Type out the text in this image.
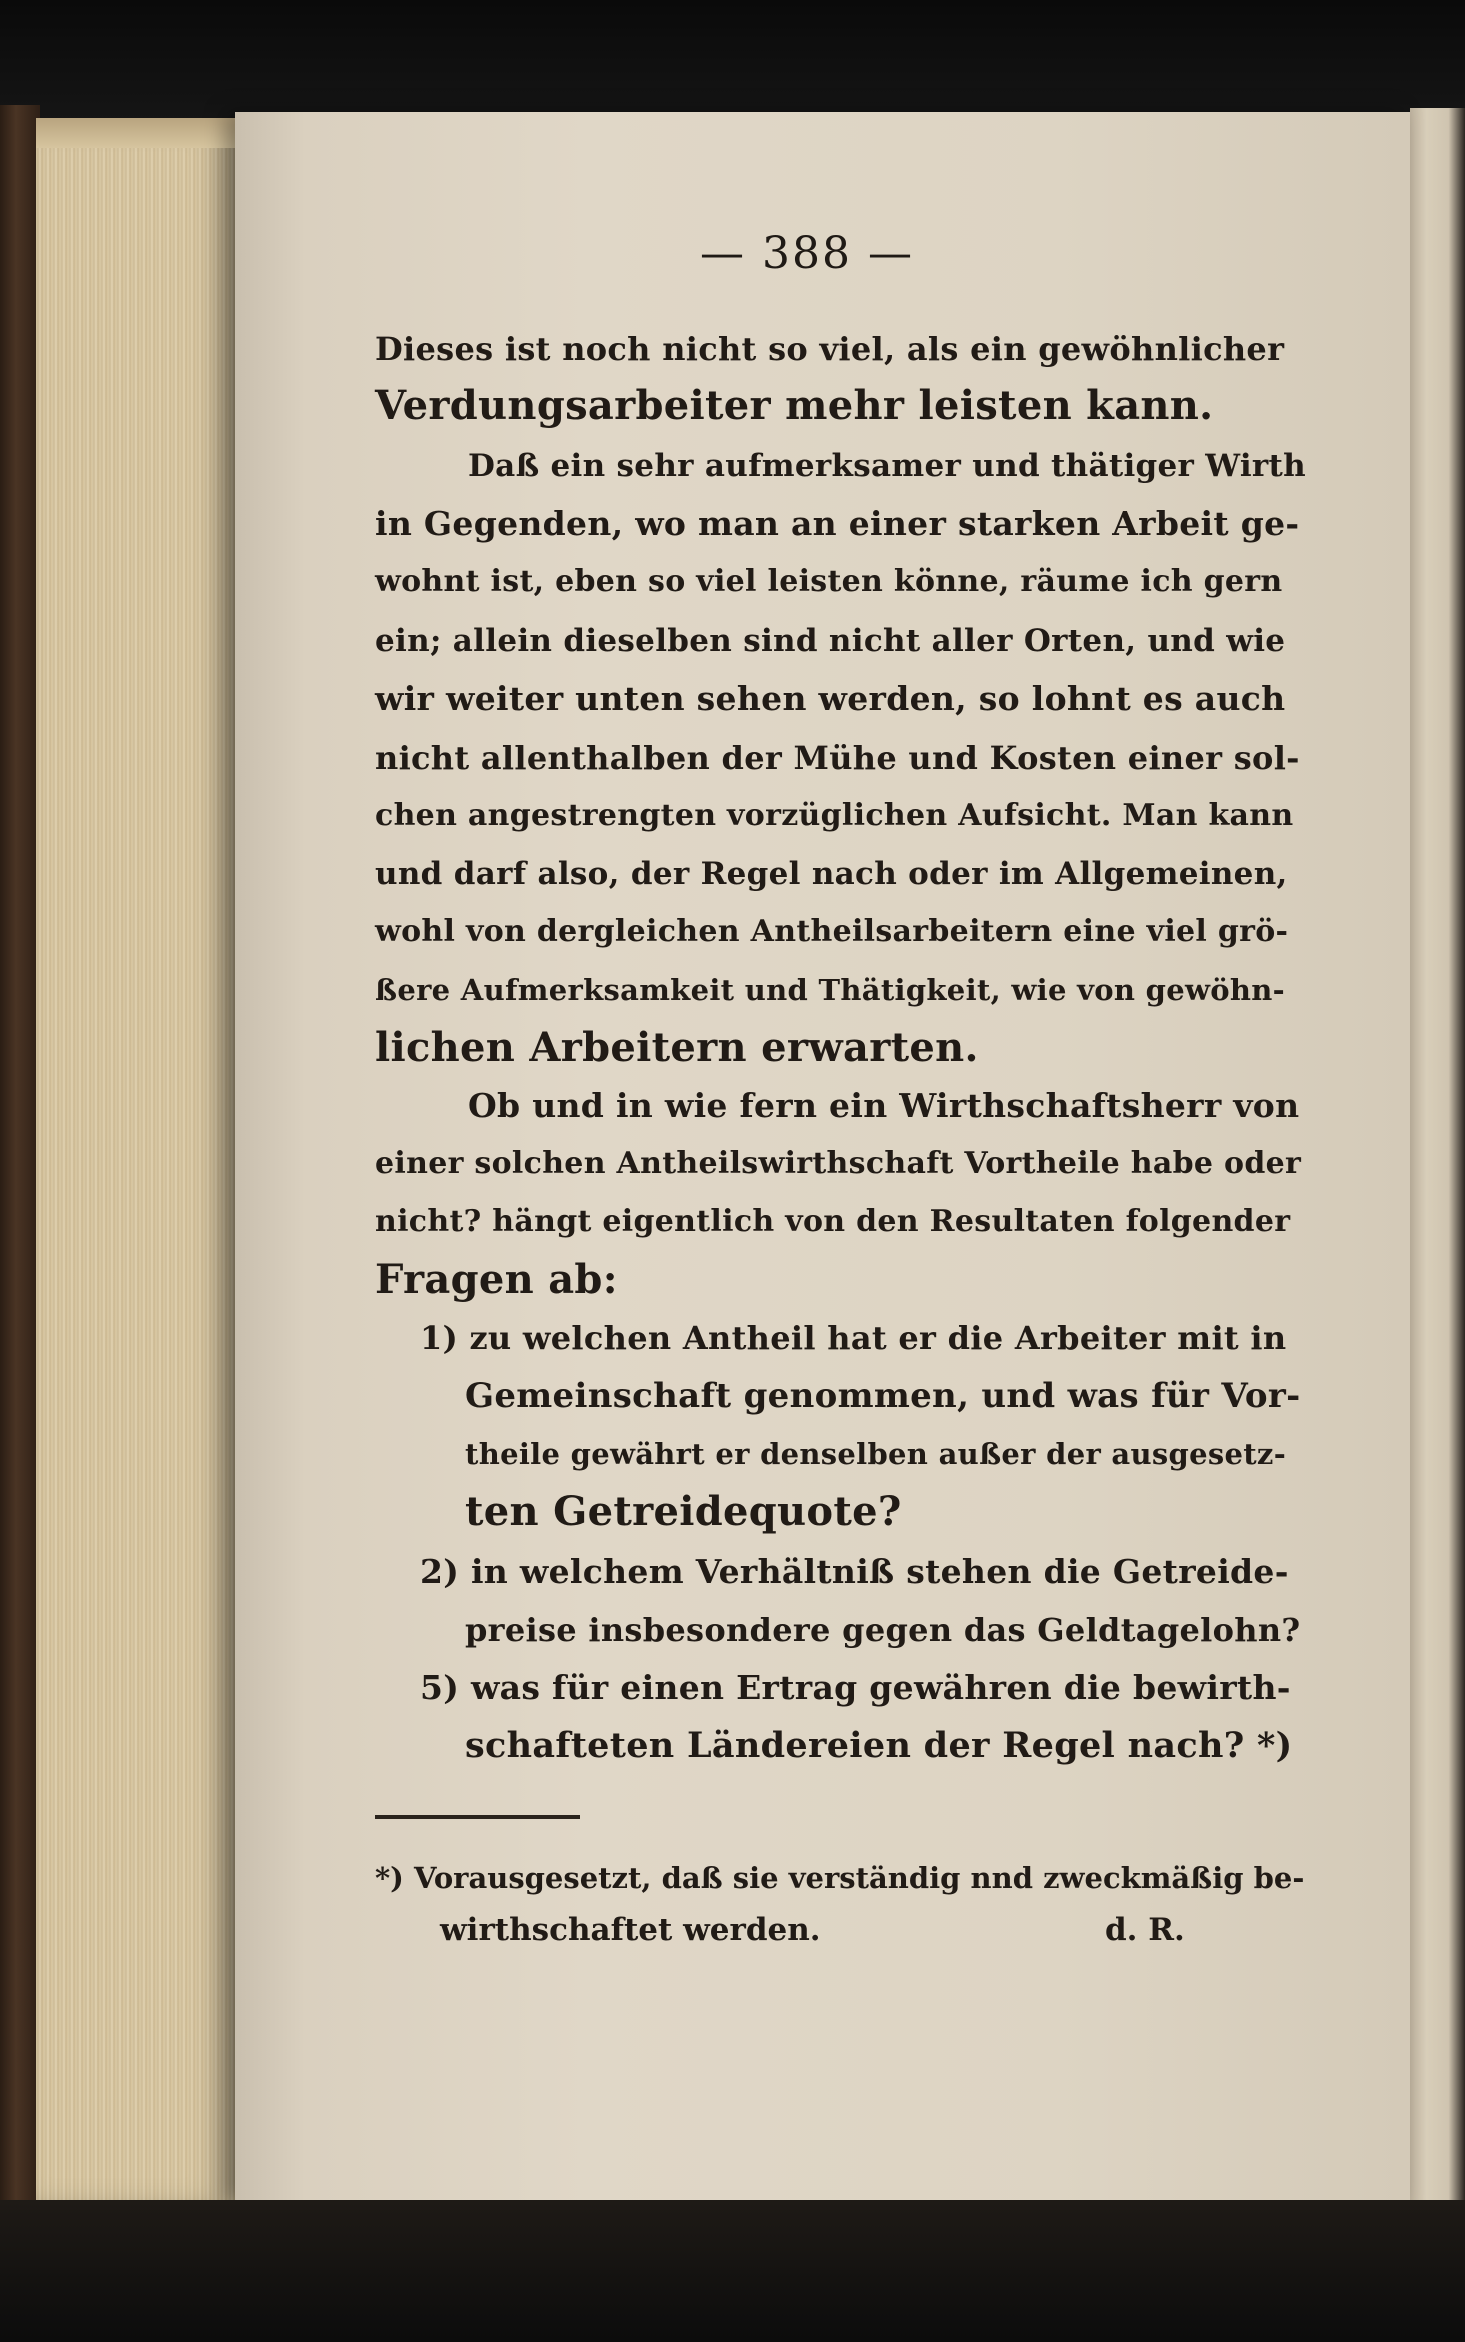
— 388 —
Dieses ist noch nicht so viel, als ein gewöhnlicher
Verdungsarbeiter mehr leisten kann.
Daß ein sehr aufmerksamer und thätiger Wirth
in Gegenden, wo man an einer starken Arbeit ge-
wohnt ist, eben so viel leisten könne, räume ich gern
ein; allein dieselben sind nicht aller Orten, und wie
wir weiter unten sehen werden, so lohnt es auch
nicht allenthalben der Mühe und Kosten einer sol-
chen angestrengten vorzüglichen Aufsicht. Man kann
und darf also, der Regel nach oder im Allgemeinen,
wohl von dergleichen Antheilsarbeitern eine viel grö-
ßere Aufmerksamkeit und Thätigkeit, wie von gewöhn-
lichen Arbeitern erwarten.
Ob und in wie fern ein Wirthschaftsherr von
einer solchen Antheilswirthschaft Vortheile habe oder
nicht? hängt eigentlich von den Resultaten folgender
Fragen ab:
1) zu welchen Antheil hat er die Arbeiter mit in
Gemeinschaft genommen, und was für Vor-
theile gewährt er denselben außer der ausgesetz-
ten Getreidequote?
2) in welchem Verhältniß stehen die Getreide-
preise insbesondere gegen das Geldtagelohn?
5) was für einen Ertrag gewähren die bewirth-
schafteten Ländereien der Regel nach? *)
*) Vorausgesetzt, daß sie verständig nnd zweckmäßig be-
wirthschaftet werden.	d. R.
